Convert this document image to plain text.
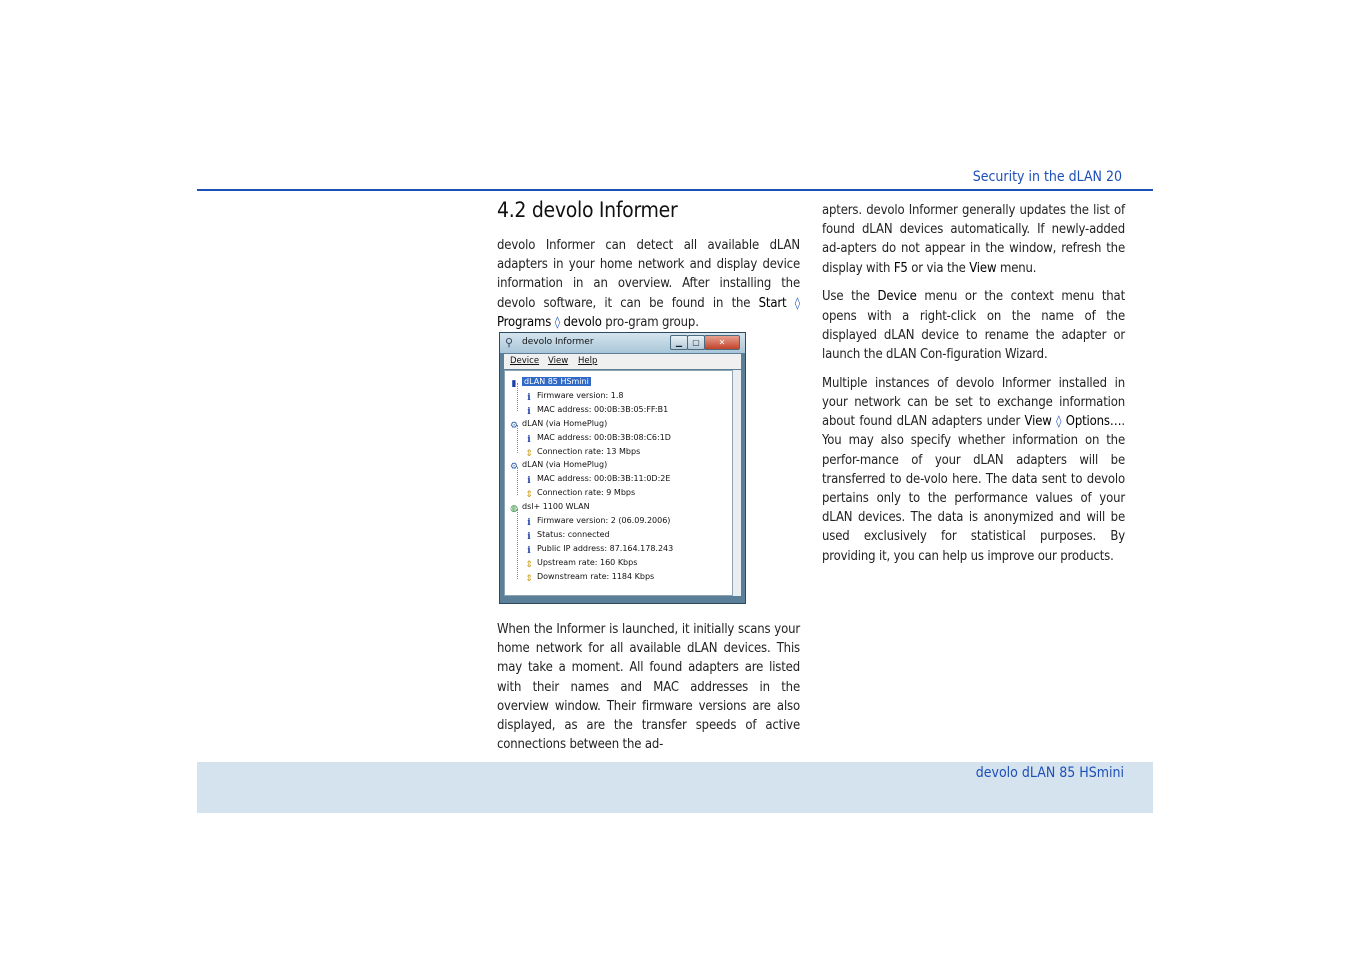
Security in the dLAN 20
4.2 devolo Informer

devolo Informer can detect all available dLAN adapters in your home network and display device information in an overview. After installing the devolo software, it can be found in the Start ◊ Programs ◊ devolo pro-gram group.

⚲ devolo Informer	▁	▢	✕
Device View Help
▮ dLAN 85 HSmini
i Firmware version: 1.8
i MAC address: 00:0B:3B:05:FF:B1
⚙ dLAN (via HomePlug)
i MAC address: 00:0B:3B:08:C6:1D
⇕ Connection rate: 13 Mbps
⚙ dLAN (via HomePlug)
i MAC address: 00:0B:3B:11:0D:2E
⇕ Connection rate: 9 Mbps
◍ dsl+ 1100 WLAN
i Firmware version: 2 (06.09.2006)
i Status: connected
i Public IP address: 87.164.178.243
⇕ Upstream rate: 160 Kbps
⇕ Downstream rate: 1184 Kbps

When the Informer is launched, it initially scans your home network for all available dLAN devices. This may take a moment. All found adapters are listed with their names and MAC addresses in the overview window. Their firmware versions are also displayed, as are the transfer speeds of active connections between the ad-

apters. devolo Informer generally updates the list of found dLAN devices automatically. If newly-added ad-apters do not appear in the window, refresh the display with F5 or via the View menu.

Use the Device menu or the context menu that opens with a right-click on the name of the displayed dLAN device to rename the adapter or launch the dLAN Con-figuration Wizard.

Multiple instances of devolo Informer installed in your network can be set to exchange information about found dLAN adapters under View ◊ Options…. You may also specify whether information on the perfor-mance of your dLAN adapters will be transferred to de-volo here. The data sent to devolo pertains only to the performance values of your dLAN devices. The data is anonymized and will be used exclusively for statistical purposes. By providing it, you can help us improve our products.

devolo dLAN 85 HSmini
